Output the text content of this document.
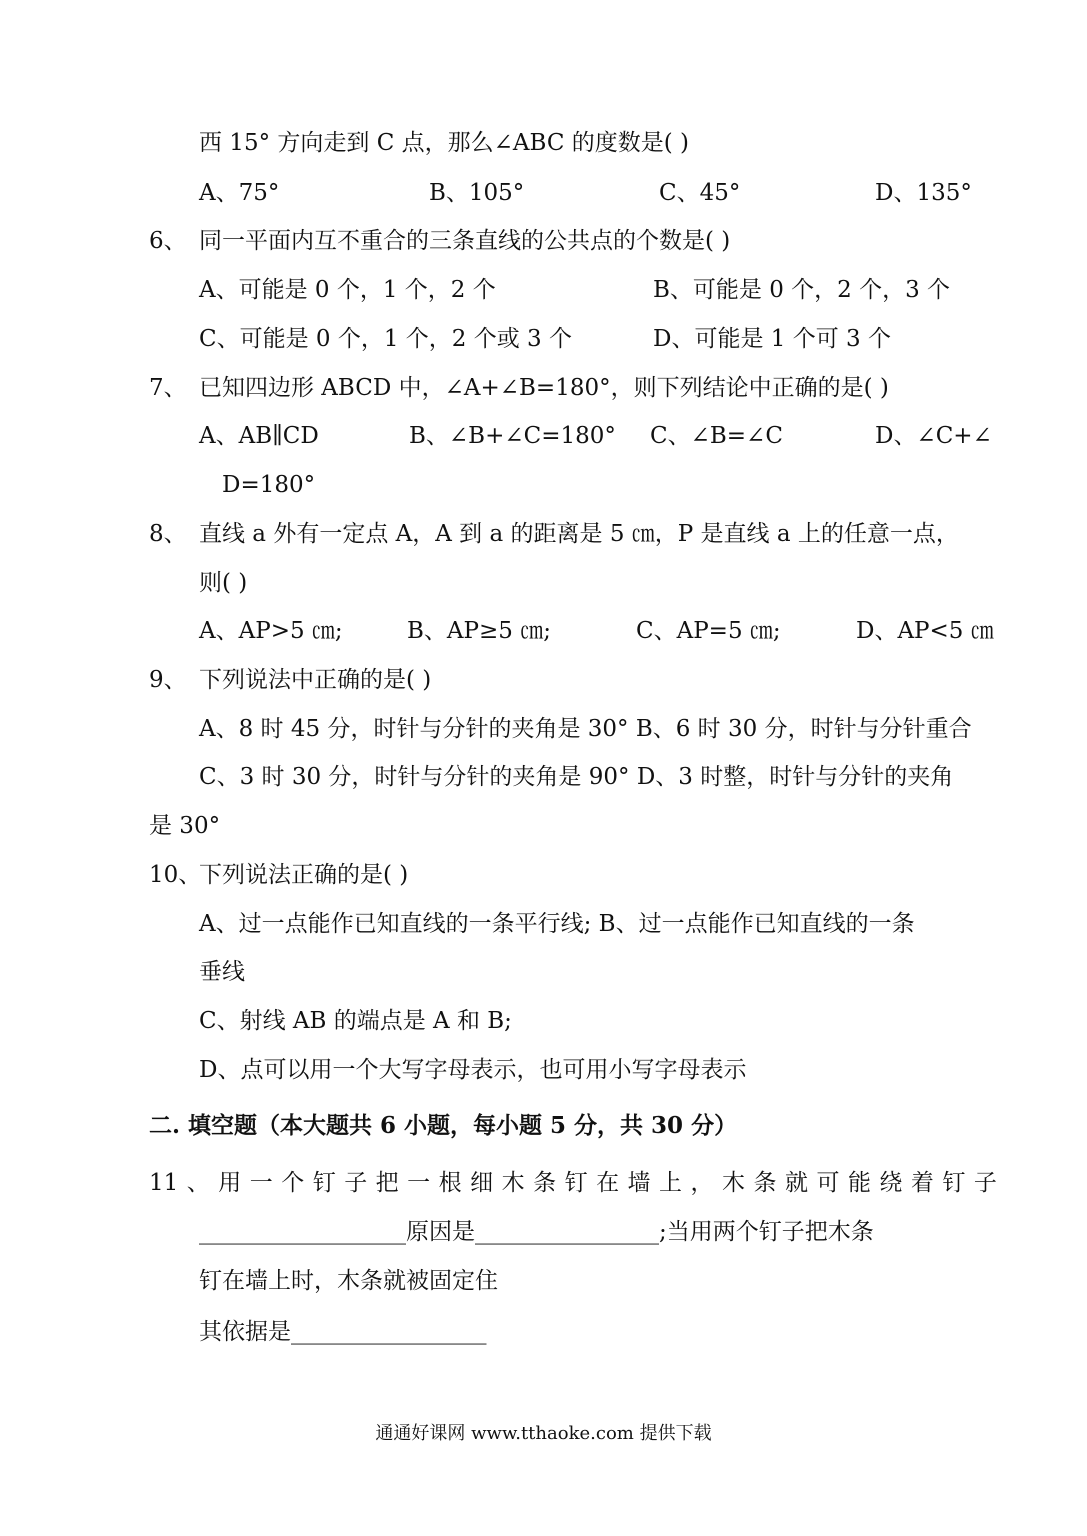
西 15° 方向走到 C 点，那么∠ABC 的度数是( )
A、75°	B、105°	C、45°	D、135°
6、 同一平面内互不重合的三条直线的公共点的个数是( )
A、可能是 0 个，1 个，2 个	B、可能是 0 个，2 个，3 个
C、可能是 0 个，1 个，2 个或 3 个	D、可能是 1 个可 3 个
7、 已知四边形 ABCD 中，∠A+∠B=180°，则下列结论中正确的是( )
A、AB∥CD	B、∠B+∠C=180° C、∠B=∠C	D、∠C+∠
D=180°
8、 直线 a 外有一定点 A，A 到 a 的距离是 5 ㎝，P 是直线 a 上的任意一点，
则( )
A、AP>5 ㎝;	B、AP≥5 ㎝;	C、AP=5 ㎝;	D、AP<5 ㎝
9、 下列说法中正确的是( )
A、8 时 45 分，时针与分针的夹角是 30° B、6 时 30 分，时针与分针重合
C、3 时 30 分，时针与分针的夹角是 90° D、3 时整，时针与分针的夹角
是 30°
10、
下列说法正确的是( )
A、过一点能作已知直线的一条平行线; B、过一点能作已知直线的一条
垂线
C、射线 AB 的端点是 A 和 B;
D、点可以用一个大写字母表示，也可用小写字母表示
二. 填空题（本大题共 6 小题，每小题 5 分，共 30 分）
11 、 用 一 个 钉 子 把 一 根 细 木 条 钉 在 墙 上 ， 木 条 就 可 能 绕 着 钉 子
__________________原因是________________;当用两个钉子把木条
钉在墙上时，木条就被固定住
其依据是_________________
通通好课网 www.tthaoke.com 提供下载
